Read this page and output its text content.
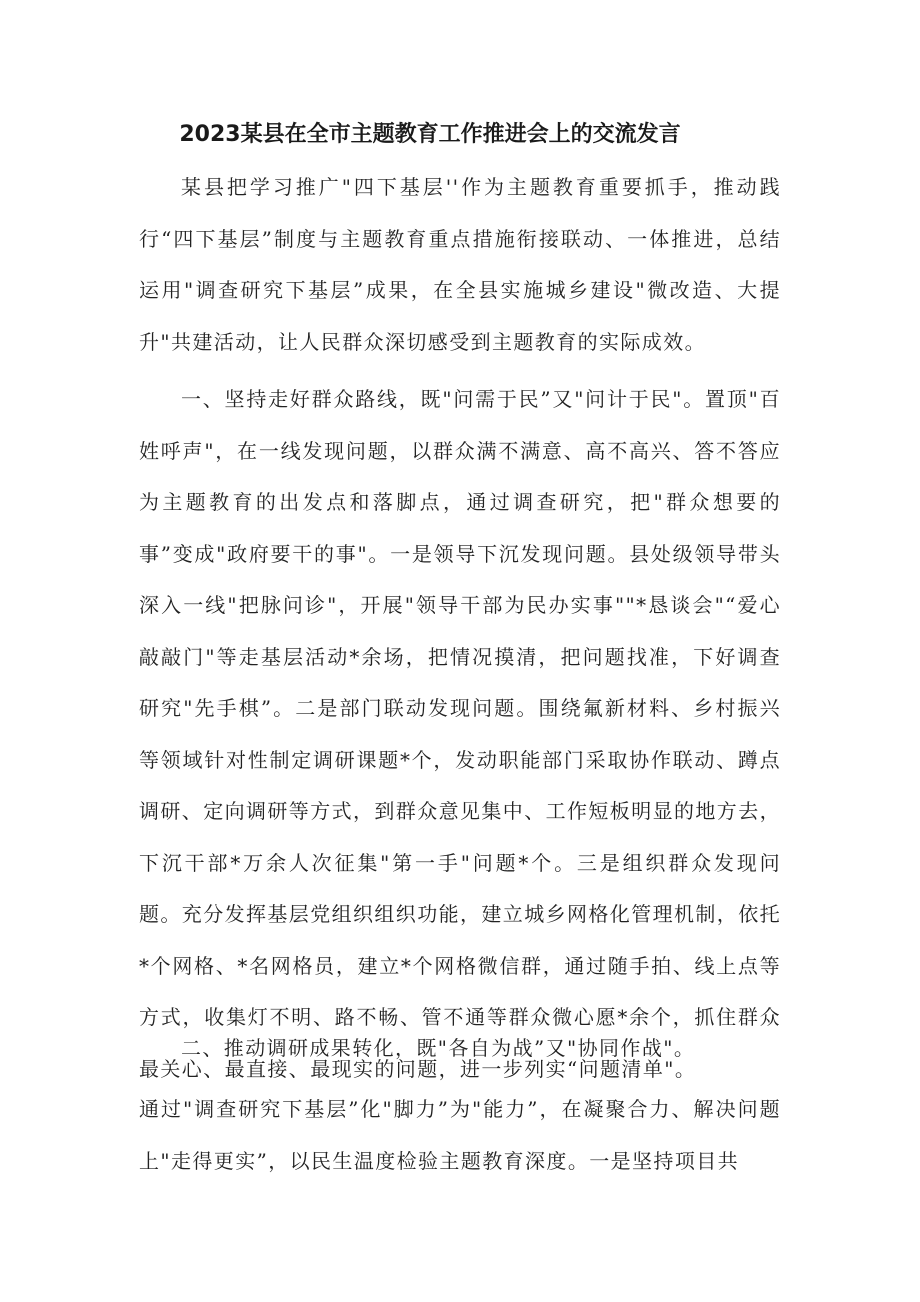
2023某县在全市主题教育工作推进会上的交流发言

某县把学习推广"四下基层''作为主题教育重要抓手，推动践行“四下基层”制度与主题教育重点措施衔接联动、一体推进，总结运用"调查研究下基层”成果，在全县实施城乡建设"微改造、大提升"共建活动，让人民群众深切感受到主题教育的实际成效。

一、坚持走好群众路线，既"问需于民”又"问计于民"。置顶"百姓呼声"，在一线发现问题，以群众满不满意、高不高兴、答不答应为主题教育的出发点和落脚点，通过调查研究，把"群众想要的事”变成"政府要干的事"。一是领导下沉发现问题。县处级领导带头深入一线"把脉问诊"，开展"领导干部为民办实事""*恳谈会"“爱心敲敲门"等走基层活动*余场，把情况摸清，把问题找准，下好调查研究"先手棋”。二是部门联动发现问题。围绕氟新材料、乡村振兴等领域针对性制定调研课题*个，发动职能部门采取协作联动、蹲点调研、定向调研等方式，到群众意见集中、工作短板明显的地方去，下沉干部*万余人次征集"第一手"问题*个。三是组织群众发现问题。充分发挥基层党组织组织功能，建立城乡网格化管理机制，依托*个网格、*名网格员，建立*个网格微信群，通过随手拍、线上点等方式，收集灯不明、路不畅、管不通等群众微心愿*余个，抓住群众最关心、最直接、最现实的问题，进一步列实“问题清单"。

二、推动调研成果转化，既"各自为战”又"协同作战"。

通过"调查研究下基层”化"脚力”为"能力”，在凝聚合力、解决问题上"走得更实”，以民生温度检验主题教育深度。一是坚持项目共
